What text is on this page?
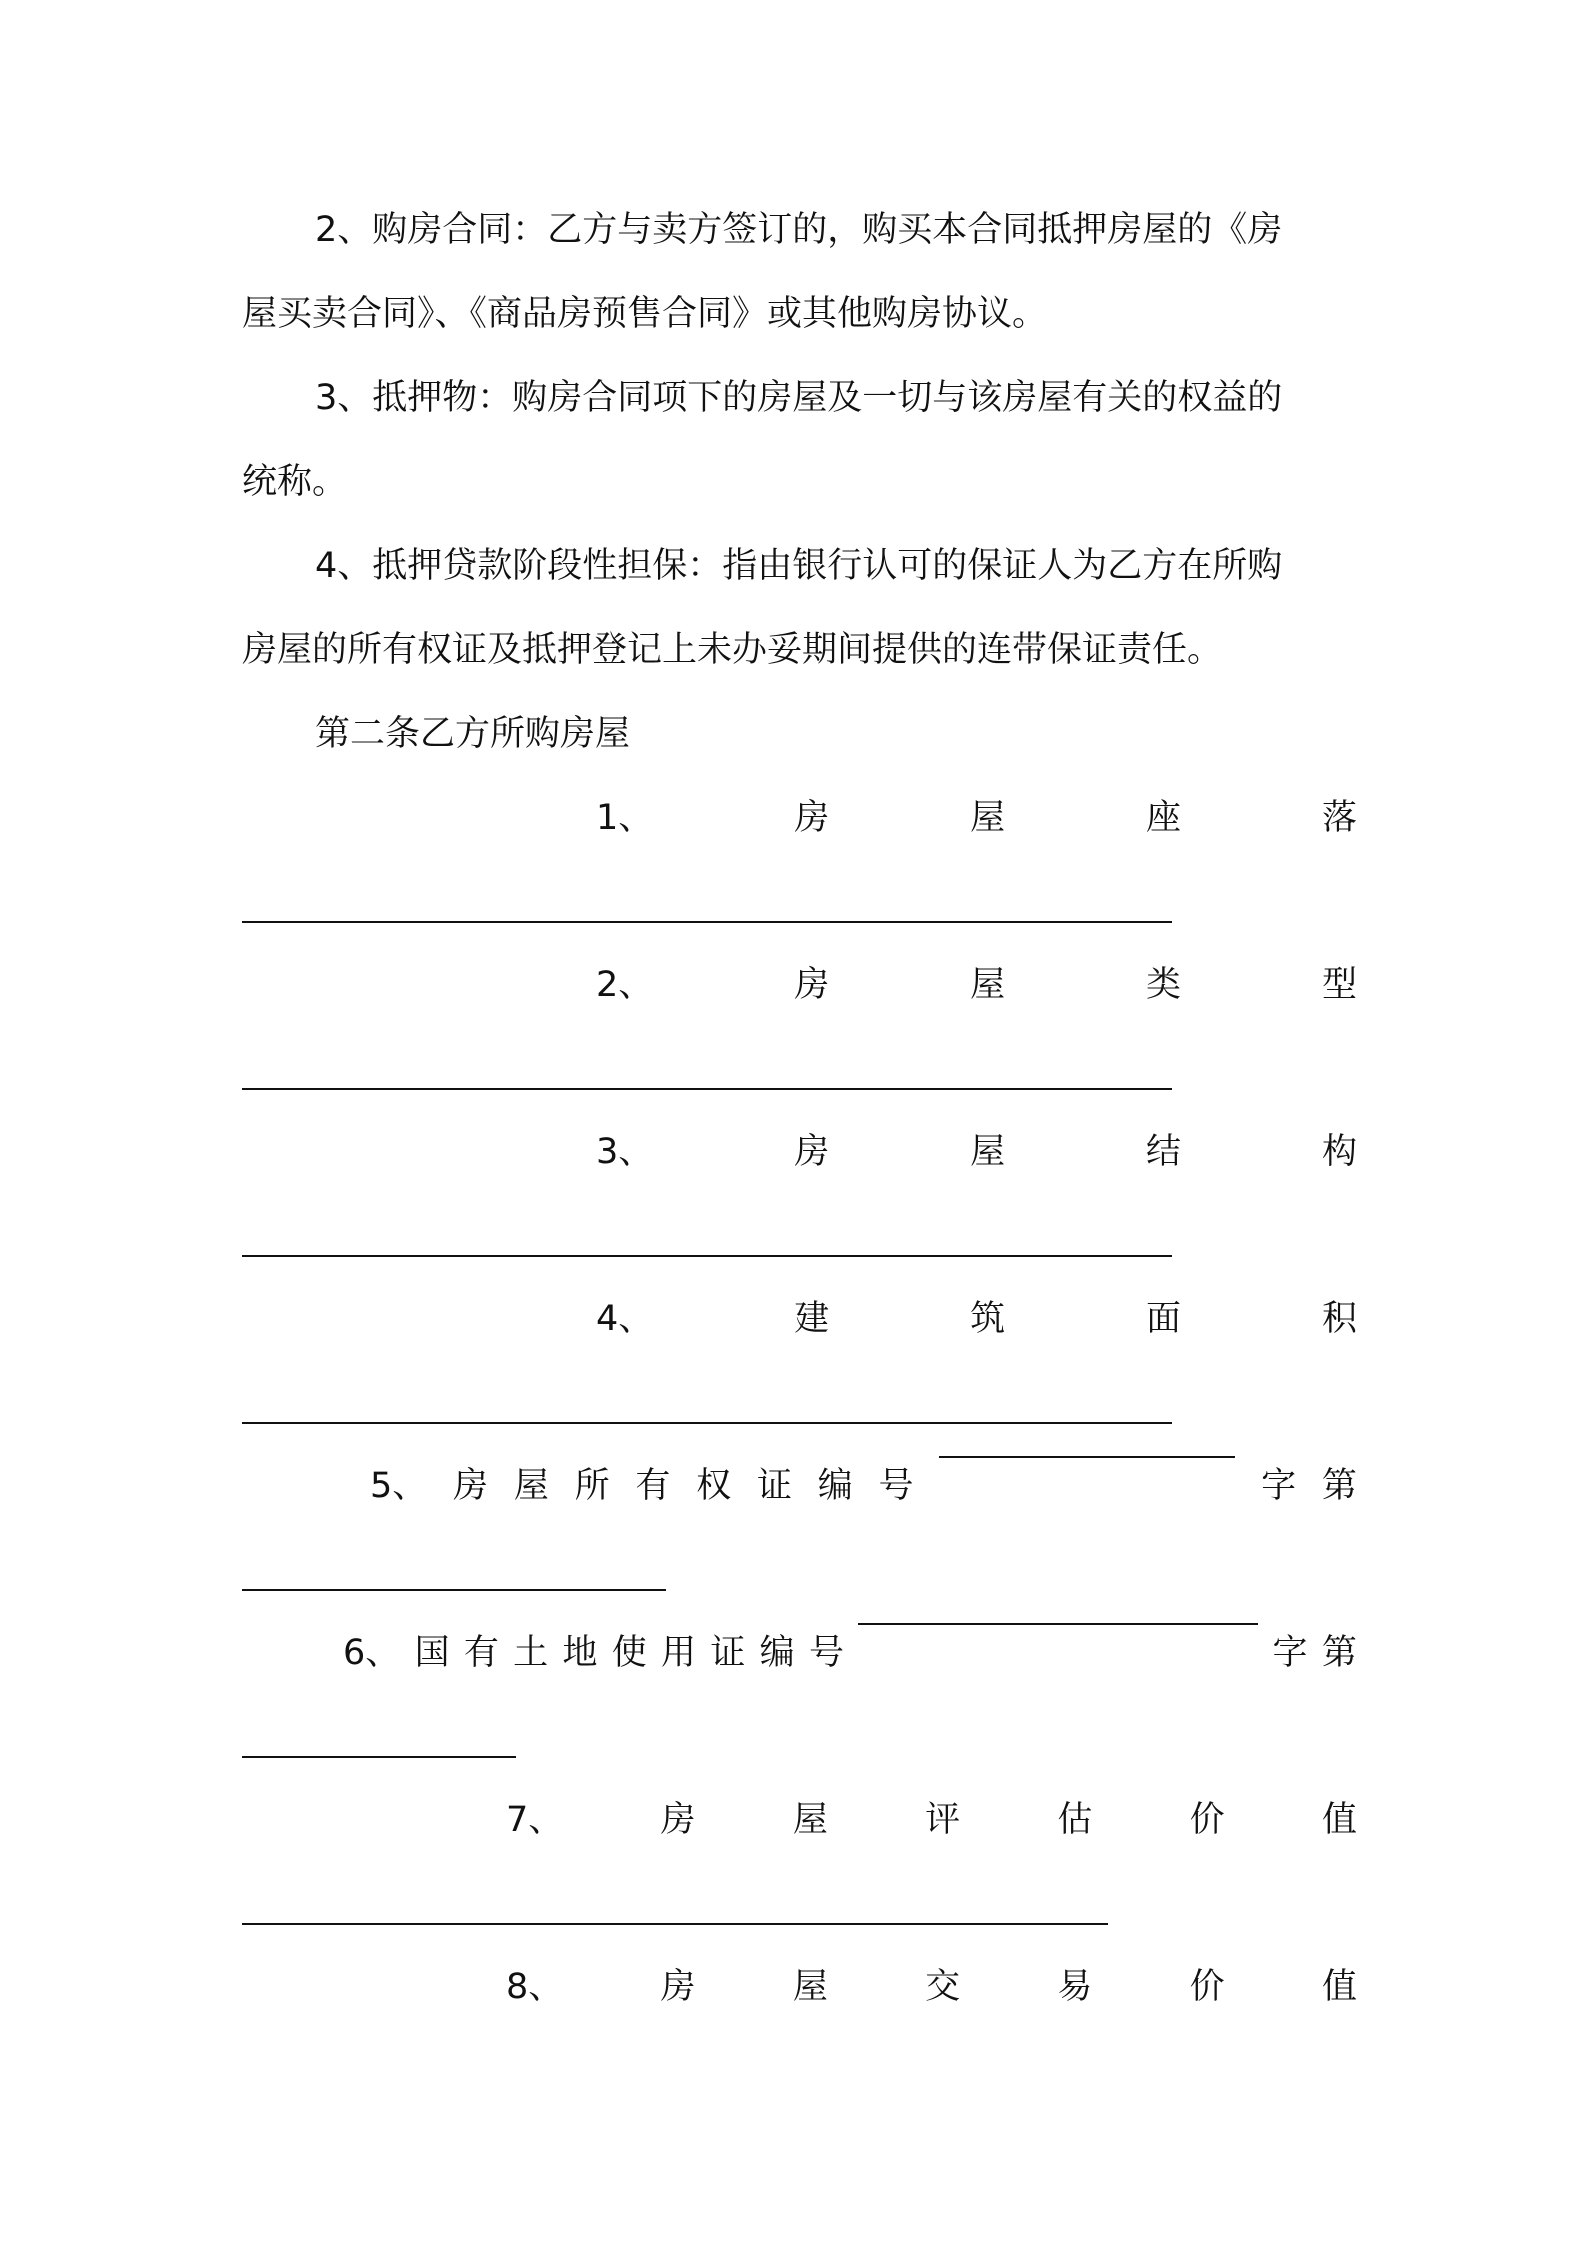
2、购房合同：乙方与卖方签订的，购买本合同抵押房屋的《房
屋买卖合同》、《商品房预售合同》或其他购房协议。
3、抵押物：购房合同项下的房屋及一切与该房屋有关的权益的
统称。
4、抵押贷款阶段性担保：指由银行认可的保证人为乙方在所购
房屋的所有权证及抵押登记上未办妥期间提供的连带保证责任。
第二条乙方所购房屋
1、	房	屋	座	落
2、	房	屋	类	型
3、	房	屋	结	构
4、	建	筑	面	积
5、 房 屋 所 有 权 证 编 号	字 第
6、 国 有 土 地 使 用 证 编 号	字 第
7、	房	屋	评	估	价	值
8、	房	屋	交	易	价	值
